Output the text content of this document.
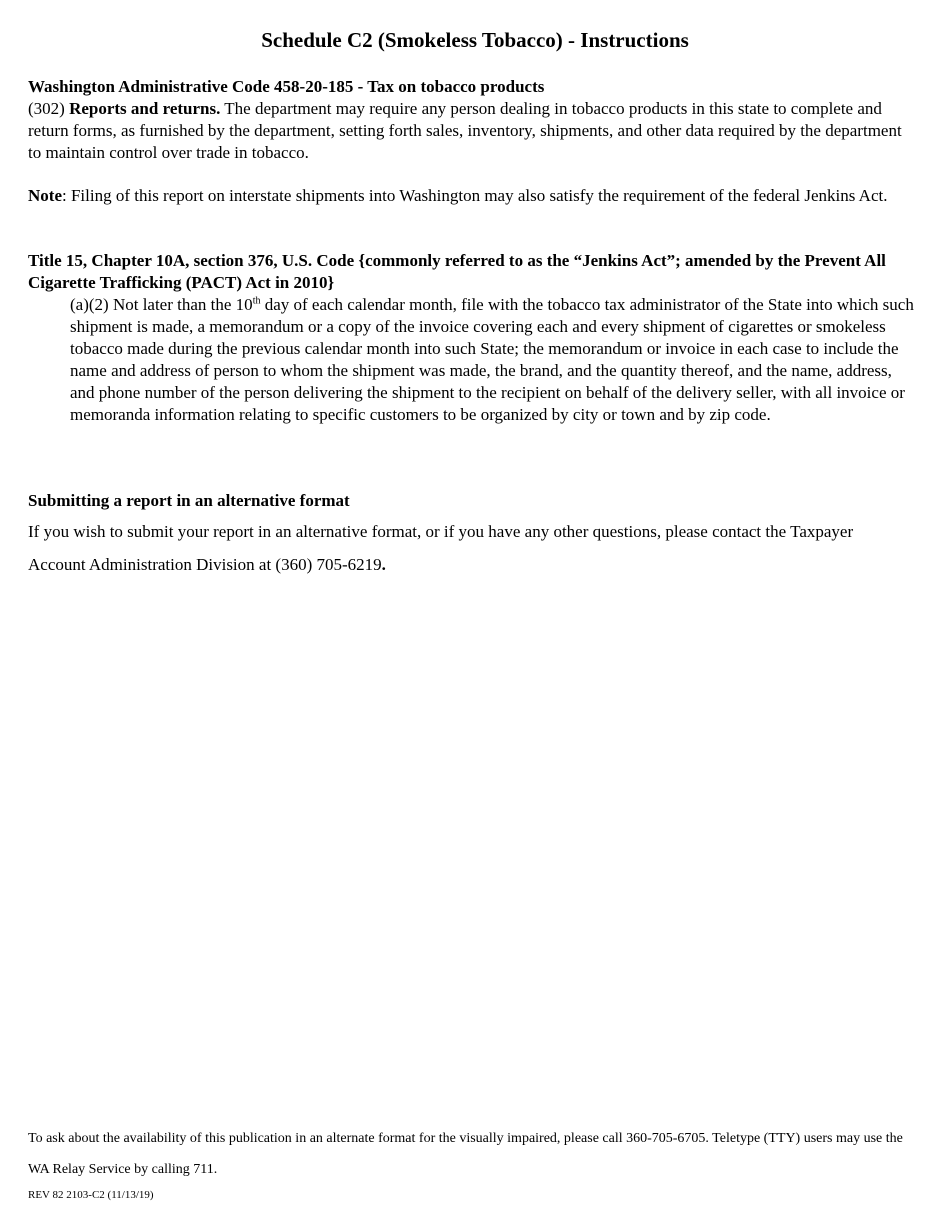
Schedule C2 (Smokeless Tobacco) - Instructions
Washington Administrative Code 458-20-185 - Tax on tobacco products
(302) Reports and returns. The department may require any person dealing in tobacco products in this state to complete and return forms, as furnished by the department, setting forth sales, inventory, shipments, and other data required by the department to maintain control over trade in tobacco.
Note: Filing of this report on interstate shipments into Washington may also satisfy the requirement of the federal Jenkins Act.
Title 15, Chapter 10A, section 376, U.S. Code {commonly referred to as the “Jenkins Act”; amended by the Prevent All Cigarette Trafficking (PACT) Act in 2010}
(a)(2) Not later than the 10th day of each calendar month, file with the tobacco tax administrator of the State into which such shipment is made, a memorandum or a copy of the invoice covering each and every shipment of cigarettes or smokeless tobacco made during the previous calendar month into such State; the memorandum or invoice in each case to include the name and address of person to whom the shipment was made, the brand, and the quantity thereof, and the name, address, and phone number of the person delivering the shipment to the recipient on behalf of the delivery seller, with all invoice or memoranda information relating to specific customers to be organized by city or town and by zip code.
Submitting a report in an alternative format
If you wish to submit your report in an alternative format, or if you have any other questions, please contact the Taxpayer Account Administration Division at (360) 705-6219.
To ask about the availability of this publication in an alternate format for the visually impaired, please call 360-705-6705. Teletype (TTY) users may use the WA Relay Service by calling 711.
REV 82 2103-C2 (11/13/19)
